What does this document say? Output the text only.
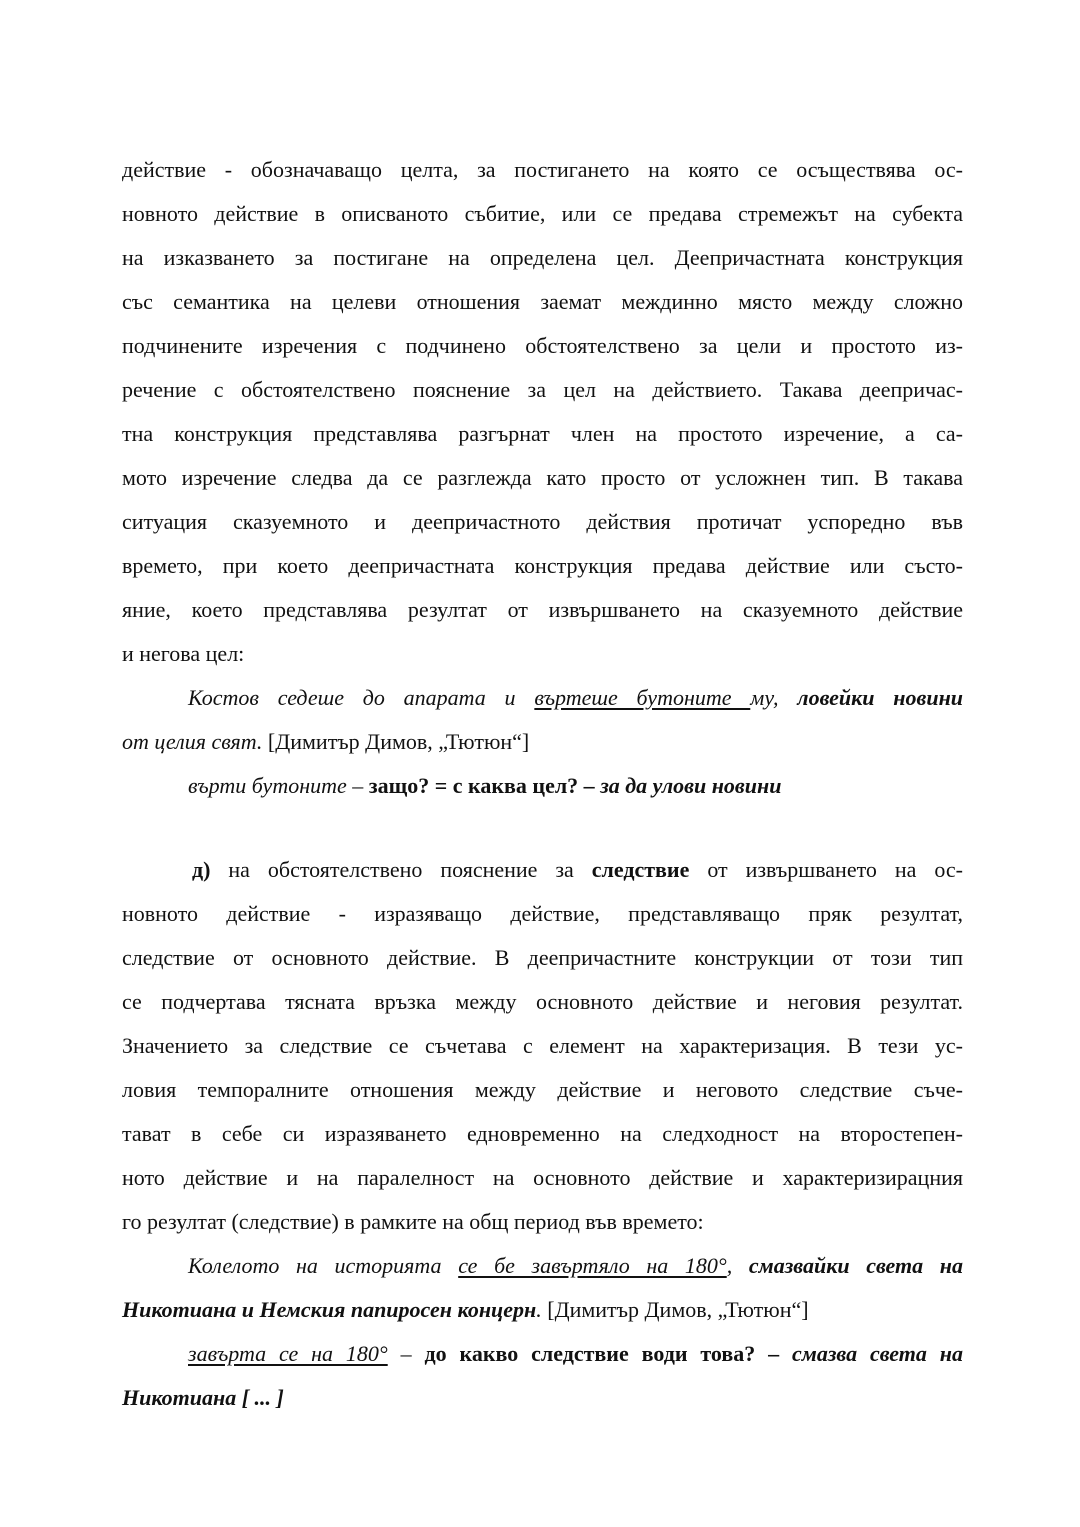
действие - обозначаващо целта, за постигането на която се осъществява ос-
новното действие в описваното събитие, или се предава стремежът на субекта
на изказването за постигане на определена цел. Деепричастната конструкция
със семантика на целеви отношения заемат междинно място между сложно
подчинените изречения с подчинено обстоятелствено за цели и простото из-
речение с обстоятелствено пояснение за цел на действието. Такава деепричас-
тна конструкция представлява разгърнат член на простото изречение, а са-
мото изречение следва да се разглежда като просто от усложнен тип. В такава
ситуация сказуемното и деепричастното действия протичат успоредно във
времето, при което деепричастната конструкция предава действие или състо-
яние, което представлява резултат от извършването на сказуемното действие
и негова цел:
Костов седеше до апарата и въртеше бутоните му, ловейки новини
от целия свят. [Димитър Димов, „Тютюн“]
върти бутоните – защо? = с каква цел? – за да улови новини
д) на обстоятелствено пояснение за следствие от извършването на ос-
новното действие - изразяващо действие, представляващо пряк резултат,
следствие от основното действие. В деепричастните конструкции от този тип
се подчертава тясната връзка между основното действие и неговия резултат.
Значението за следствие се съчетава с елемент на характеризация. В тези ус-
ловия темпоралните отношения между действие и неговото следствие съче-
тават в себе си изразяването едновременно на следходност на второстепен-
ното действие и на паралелност на основното действие и характеризирацния
го резултат (следствие) в рамките на общ период във времето:
Колелото на историята се бе завъртяло на 180°, смазвайки света на
Никотиана и Немския папиросен концерн. [Димитър Димов, „Тютюн“]
завърта се на 180° – до какво следствие води това? – смазва света на
Никотиана [ ... ]
